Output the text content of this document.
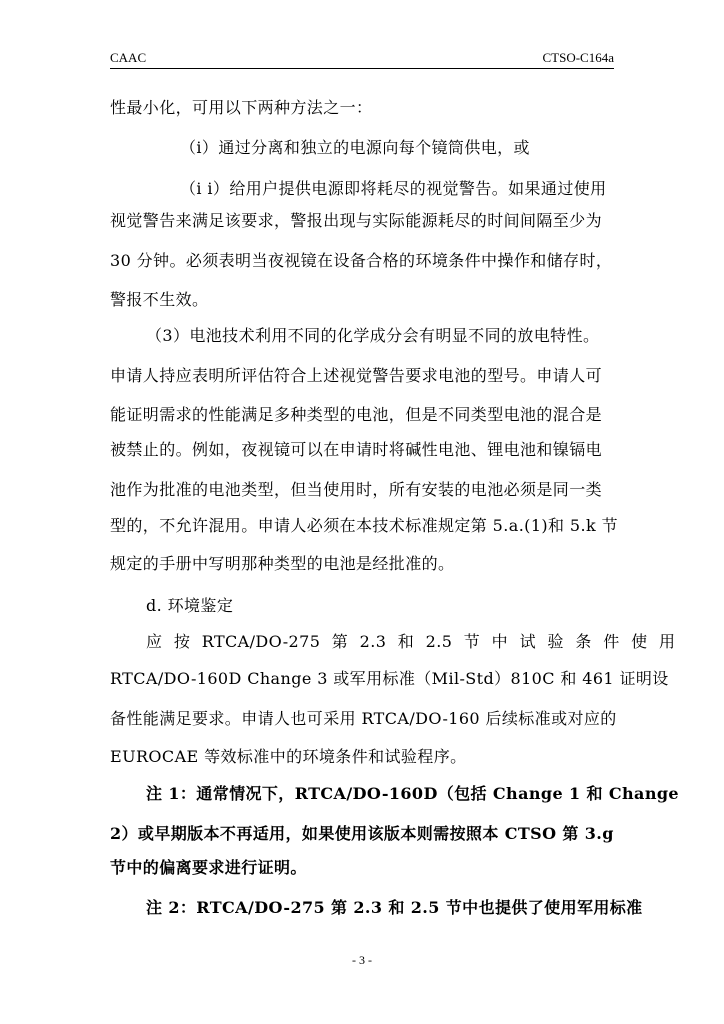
CAAC	CTSO-C164a
性最小化，可用以下两种方法之一：
（i）通过分离和独立的电源向每个镜筒供电，或
（i i）给用户提供电源即将耗尽的视觉警告。如果通过使用
视觉警告来满足该要求，警报出现与实际能源耗尽的时间间隔至少为
30 分钟。必须表明当夜视镜在设备合格的环境条件中操作和储存时，
警报不生效。
（3）电池技术利用不同的化学成分会有明显不同的放电特性。
申请人持应表明所评估符合上述视觉警告要求电池的型号。申请人可
能证明需求的性能满足多种类型的电池，但是不同类型电池的混合是
被禁止的。例如，夜视镜可以在申请时将碱性电池、锂电池和镍镉电
池作为批准的电池类型，但当使用时，所有安装的电池必须是同一类
型的，不允许混用。申请人必须在本技术标准规定第 5.a.(1)和 5.k 节
规定的手册中写明那种类型的电池是经批准的。
d. 环境鉴定
应 按 RTCA/DO-275 第 2.3 和 2.5 节 中 试 验 条 件 使 用
RTCA/DO-160D Change 3 或军用标准（Mil-Std）810C 和 461 证明设
备性能满足要求。申请人也可采用 RTCA/DO-160 后续标准或对应的
EUROCAE 等效标准中的环境条件和试验程序。
注 1：通常情况下，RTCA/DO-160D（包括 Change 1 和 Change
2）或早期版本不再适用，如果使用该版本则需按照本 CTSO 第 3.g
节中的偏离要求进行证明。
注 2：RTCA/DO-275 第 2.3 和 2.5 节中也提供了使用军用标准
- 3 -
